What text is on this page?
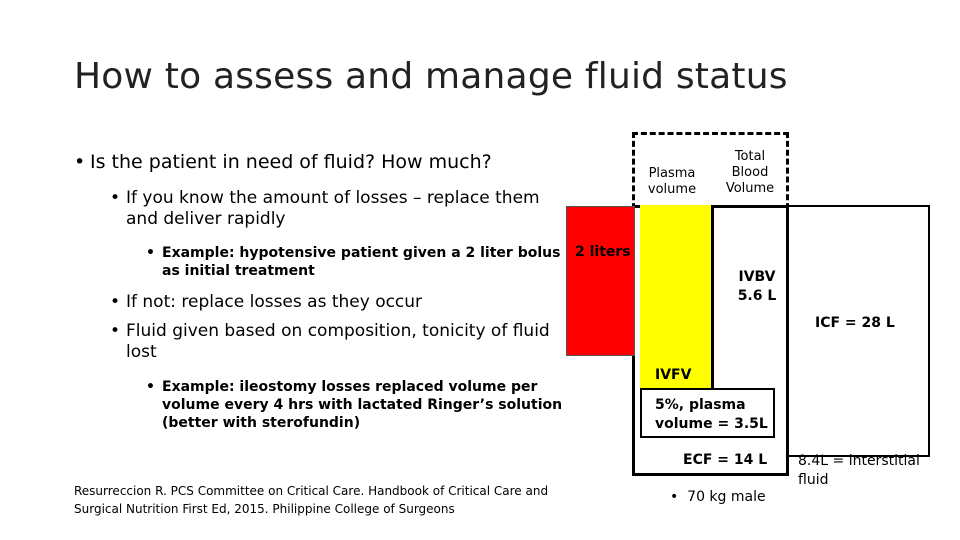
How to assess and manage fluid status
• Is the patient in need of fluid? How much?
• If you know the amount of losses – replace them and deliver rapidly
• Example: hypotensive patient given a 2 liter bolus as initial treatment
• If not: replace losses as they occur
• Fluid given based on composition, tonicity of fluid lost
• Example: ileostomy losses replaced volume per volume every 4 hrs with lactated Ringer’s solution (better with sterofundin)
Resurreccion R. PCS Committee on Critical Care. Handbook of Critical Care and Surgical Nutrition First Ed, 2015. Philippine College of Surgeons
Plasma volume
Total Blood Volume
2 liters
IVBV 5.6 L
ICF = 28 L
IVFV
5%, plasma volume = 3.5L
ECF = 14 L
• 70 kg male
8.4L = interstitial fluid
